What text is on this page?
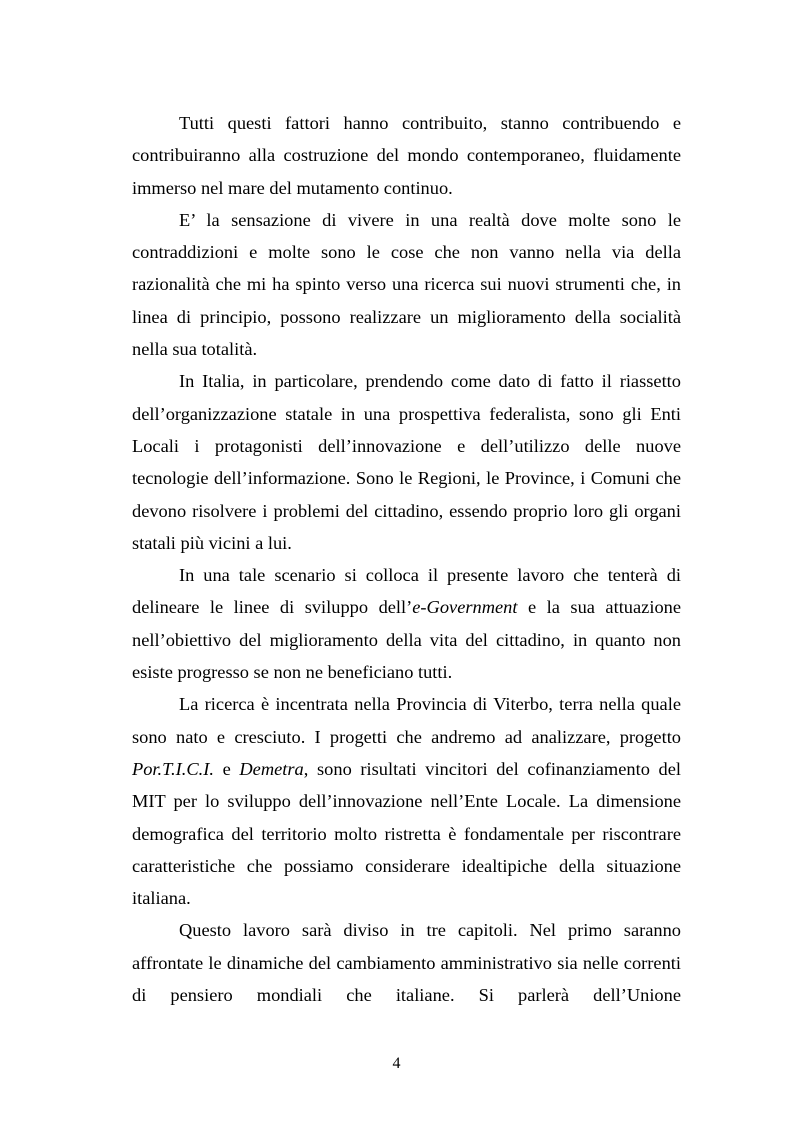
Tutti questi fattori hanno contribuito, stanno contribuendo e contribuiranno alla costruzione del mondo contemporaneo, fluidamente immerso nel mare del mutamento continuo.

E’ la sensazione di vivere in una realtà dove molte sono le contraddizioni e molte sono le cose che non vanno nella via della razionalità che mi ha spinto verso una ricerca sui nuovi strumenti che, in linea di principio, possono realizzare un miglioramento della socialità nella sua totalità.

In Italia, in particolare, prendendo come dato di fatto il riassetto dell’organizzazione statale in una prospettiva federalista, sono gli Enti Locali i protagonisti dell’innovazione e dell’utilizzo delle nuove tecnologie dell’informazione. Sono le Regioni, le Province, i Comuni che devono risolvere i problemi del cittadino, essendo proprio loro gli organi statali più vicini a lui.

In una tale scenario si colloca il presente lavoro che tenterà di delineare le linee di sviluppo dell’e-Government e la sua attuazione nell’obiettivo del miglioramento della vita del cittadino, in quanto non esiste progresso se non ne beneficiano tutti.

La ricerca è incentrata nella Provincia di Viterbo, terra nella quale sono nato e cresciuto. I progetti che andremo ad analizzare, progetto Por.T.I.C.I. e Demetra, sono risultati vincitori del cofinanziamento del MIT per lo sviluppo dell’innovazione nell’Ente Locale. La dimensione demografica del territorio molto ristretta è fondamentale per riscontrare caratteristiche che possiamo considerare idealtipiche della situazione italiana.

Questo lavoro sarà diviso in tre capitoli. Nel primo saranno affrontate le dinamiche del cambiamento amministrativo sia nelle correnti di pensiero mondiali che italiane. Si parlerà dell’Unione

4
